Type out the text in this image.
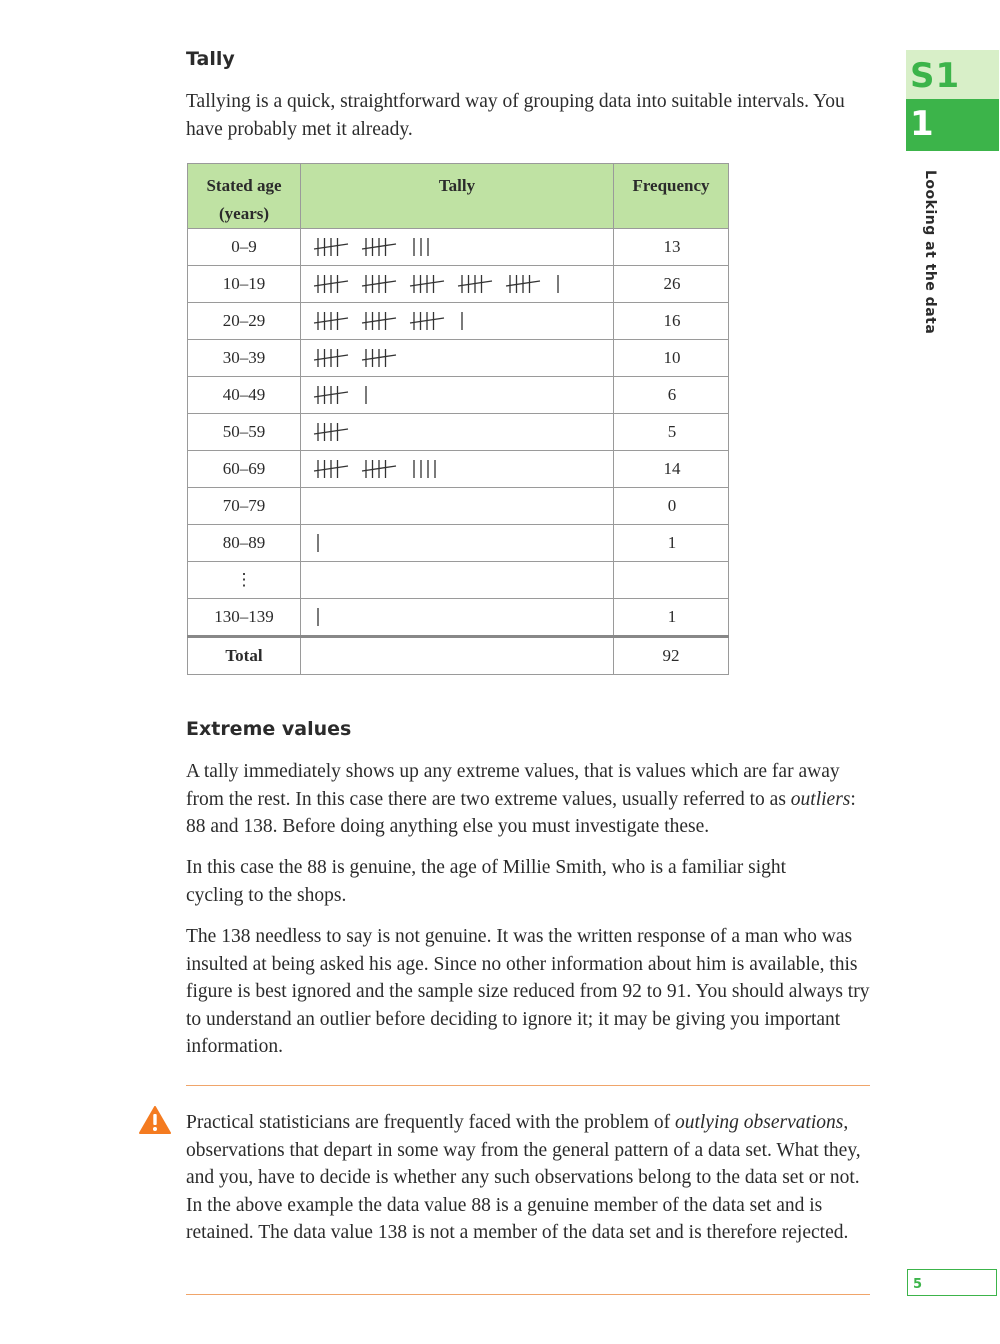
S1
1
Looking at the data
Tally

Tallying is a quick, straightforward way of grouping data into suitable intervals. You have probably met it already.

Stated age
(years)	Tally	Frequency
0–9		13
10–19		26
20–29		16
30–39		10
40–49		6
50–59		5
60–69		14
70–79		0
80–89		1
⋮		
130–139		1
Total		92
Extreme values

A tally immediately shows up any extreme values, that is values which are far away from the rest. In this case there are two extreme values, usually referred to as outliers: 88 and 138. Before doing anything else you must investigate these.

In this case the 88 is genuine, the age of Millie Smith, who is a familiar sight cycling to the shops.

The 138 needless to say is not genuine. It was the written response of a man who was insulted at being asked his age. Since no other information about him is available, this figure is best ignored and the sample size reduced from 92 to 91. You should always try to understand an outlier before deciding to ignore it; it may be giving you important information.

Practical statisticians are frequently faced with the problem of outlying observations, observations that depart in some way from the general pattern of a data set. What they, and you, have to decide is whether any such observations belong to the data set or not. In the above example the data value 88 is a genuine member of the data set and is retained. The data value 138 is not a member of the data set and is therefore rejected.

5
